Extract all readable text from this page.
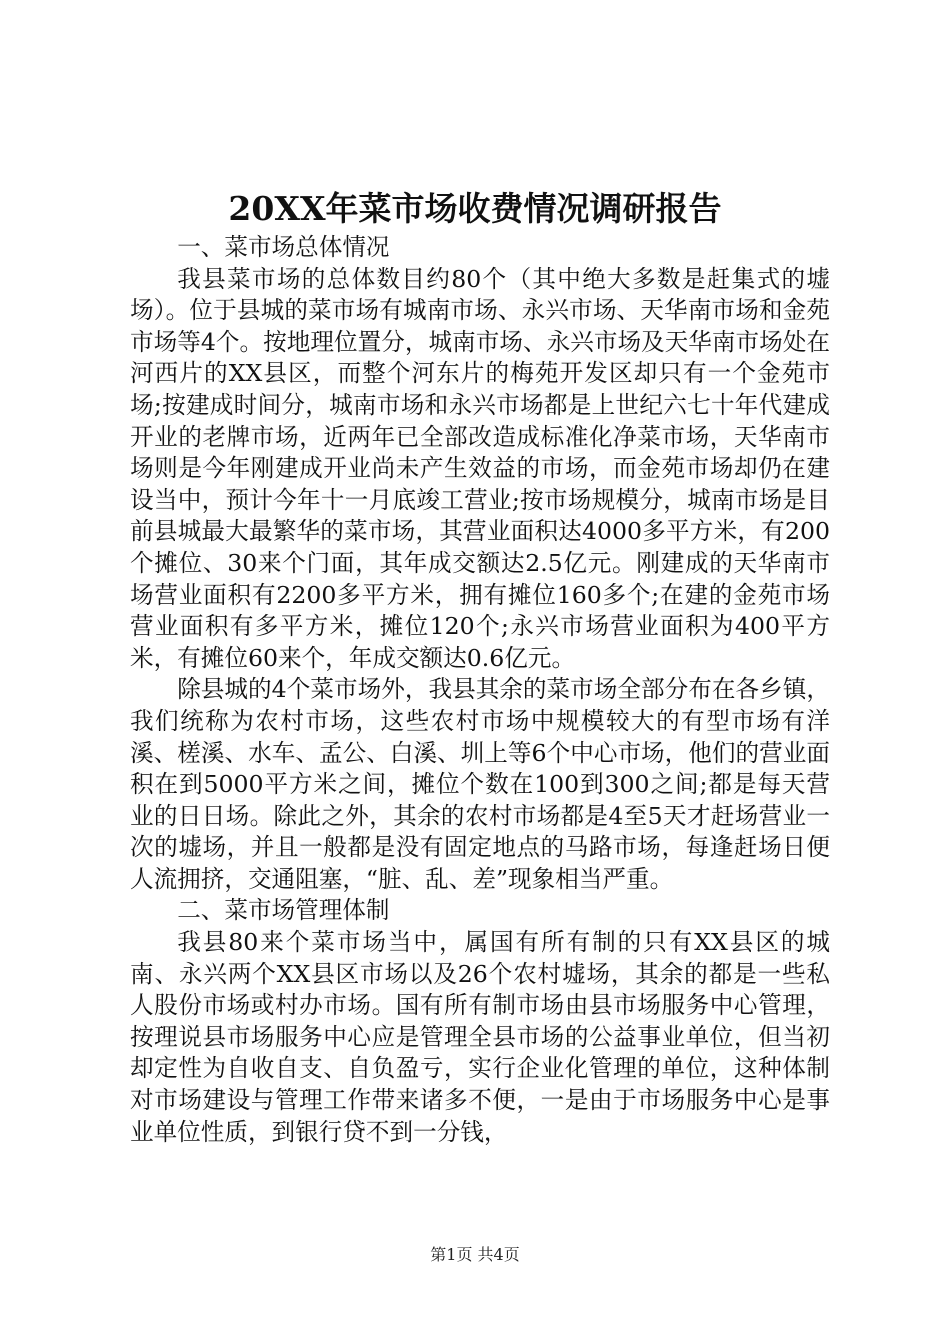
20XX年菜市场收费情况调研报告

一、菜市场总体情况

我县菜市场的总体数目约80个（其中绝大多数是赶集式的墟场）。位于县城的菜市场有城南市场、永兴市场、天华南市场和金苑市场等4个。按地理位置分，城南市场、永兴市场及天华南市场处在河西片的XX县区，而整个河东片的梅苑开发区却只有一个金苑市场;按建成时间分，城南市场和永兴市场都是上世纪六七十年代建成开业的老牌市场，近两年已全部改造成标准化净菜市场，天华南市场则是今年刚建成开业尚未产生效益的市场，而金苑市场却仍在建设当中，预计今年十一月底竣工营业;按市场规模分，城南市场是目前县城最大最繁华的菜市场，其营业面积达4000多平方米，有200个摊位、30来个门面，其年成交额达2.5亿元。刚建成的天华南市场营业面积有2200多平方米，拥有摊位160多个;在建的金苑市场营业面积有多平方米，摊位120个;永兴市场营业面积为400平方米，有摊位60来个，年成交额达0.6亿元。

除县城的4个菜市场外，我县其余的菜市场全部分布在各乡镇，我们统称为农村市场，这些农村市场中规模较大的有型市场有洋溪、槎溪、水车、孟公、白溪、圳上等6个中心市场，他们的营业面积在到5000平方米之间，摊位个数在100到300之间;都是每天营业的日日场。除此之外，其余的农村市场都是4至5天才赶场营业一次的墟场，并且一般都是没有固定地点的马路市场，每逢赶场日便人流拥挤，交通阻塞，“脏、乱、差”现象相当严重。

二、菜市场管理体制

我县80来个菜市场当中，属国有所有制的只有XX县区的城南、永兴两个XX县区市场以及26个农村墟场，其余的都是一些私人股份市场或村办市场。国有所有制市场由县市场服务中心管理，按理说县市场服务中心应是管理全县市场的公益事业单位，但当初却定性为自收自支、自负盈亏，实行企业化管理的单位，这种体制对市场建设与管理工作带来诸多不便，一是由于市场服务中心是事业单位性质，到银行贷不到一分钱，

第1页 共4页
